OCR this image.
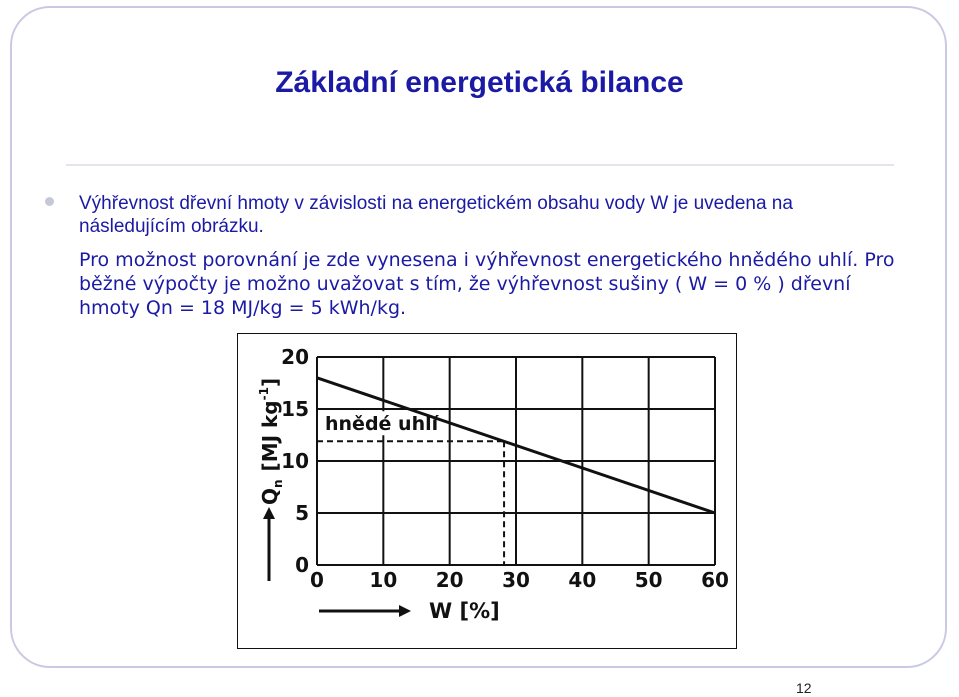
Základní energetická bilance

Výhřevnost dřevní hmoty v závislosti na energetickém obsahu vody W je uvedena na následujícím obrázku.

Pro možnost porovnání je zde vynesena i výhřevnost energetického hnědého uhlí. Pro běžné výpočty je možno uvažovat s tím, že výhřevnost sušiny ( W = 0 % ) dřevní hmoty Qn = 18 MJ/kg = 5 kWh/kg.

hnědé uhlí
0 10 20 30 40 50 60
0
5
10
15
20
$Q_n[MJ$ $kg^{-1}$]
W [%]
12
